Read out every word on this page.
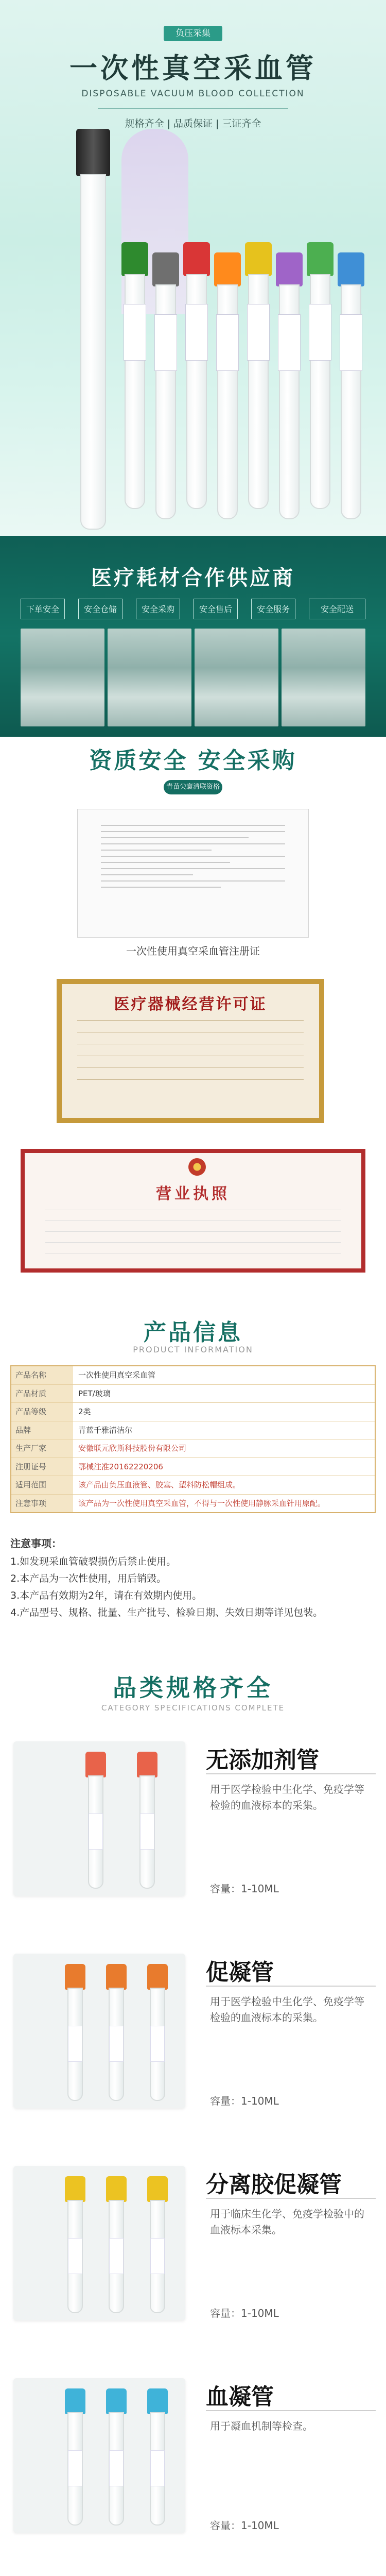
负压采集
一次性真空采血管
DISPOSABLE VACUUM BLOOD COLLECTION
规格齐全 | 品质保证 | 三证齐全
医疗耗材合作供应商
下单安全	安全仓储	安全采购	安全售后	安全服务	安全配送
资质安全 安全采购
青苗尖寰清联资格
一次性使用真空采血管注册证
医疗器械经营许可证
营业执照
产品信息
PRODUCT INFORMATION
产品名称	一次性使用真空采血管
产品材质	PET/玻璃
产品等级	2类
品牌	青蓝千雅清洁尔
生产厂家	安徽联元欣斯科技股份有限公司
注册证号	鄂械注准20162220206
适用范围	该产品由负压血液管、胶塞、塑料防松帽组成。
注意事项	该产品为一次性使用真空采血管，不得与一次性使用静脉采血针用原配。
注意事项：

1.如发现采血管破裂损伤后禁止使用。

2.本产品为一次性使用，用后销毁。

3.本产品有效期为2年，请在有效期内使用。

4.产品型号、规格、批量、生产批号、检验日期、失效日期等详见包装。

品类规格齐全
CATEGORY SPECIFICATIONS COMPLETE
无添加剂管
用于医学检验中生化学、免疫学等检验的血液标本的采集。
容量：1-10ML
促凝管
用于医学检验中生化学、免疫学等检验的血液标本的采集。
容量：1-10ML
分离胶促凝管
用于临床生化学、免疫学检验中的血液标本采集。
容量：1-10ML
血凝管
用于凝血机制等检查。
容量：1-10ML
